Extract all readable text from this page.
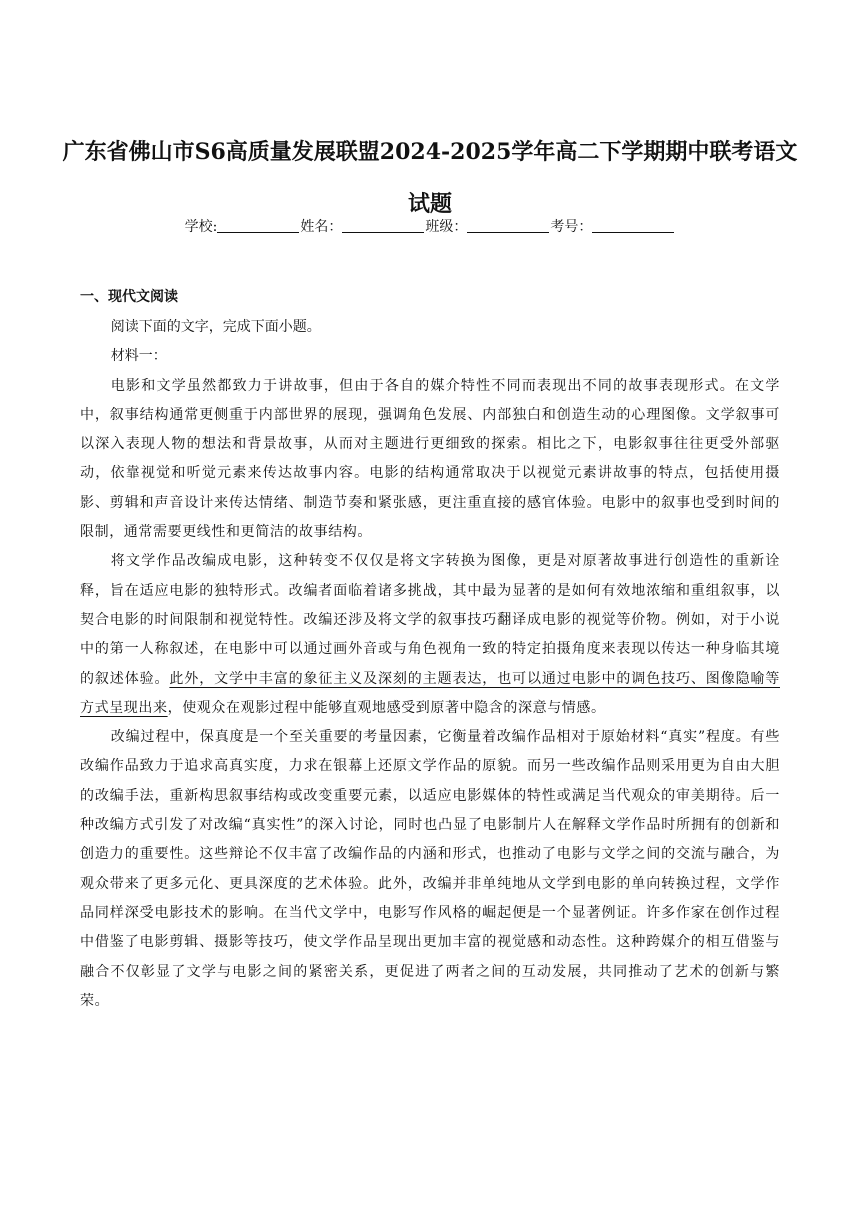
广东省佛山市S6高质量发展联盟2024-2025学年高二下学期期中联考语文试题
学校:	姓名：	班级：	考号：
一、现代文阅读

阅读下面的文字，完成下面小题。

材料一：

电影和文学虽然都致力于讲故事，但由于各自的媒介特性不同而表现出不同的故事表现形式。在文学中，叙事结构通常更侧重于内部世界的展现，强调角色发展、内部独白和创造生动的心理图像。文学叙事可以深入表现人物的想法和背景故事，从而对主题进行更细致的探索。相比之下，电影叙事往往更受外部驱动，依靠视觉和听觉元素来传达故事内容。电影的结构通常取决于以视觉元素讲故事的特点，包括使用摄影、剪辑和声音设计来传达情绪、制造节奏和紧张感，更注重直接的感官体验。电影中的叙事也受到时间的限制，通常需要更线性和更简洁的故事结构。

将文学作品改编成电影，这种转变不仅仅是将文字转换为图像，更是对原著故事进行创造性的重新诠释，旨在适应电影的独特形式。改编者面临着诸多挑战，其中最为显著的是如何有效地浓缩和重组叙事，以契合电影的时间限制和视觉特性。改编还涉及将文学的叙事技巧翻译成电影的视觉等价物。例如，对于小说中的第一人称叙述，在电影中可以通过画外音或与角色视角一致的特定拍摄角度来表现以传达一种身临其境的叙述体验。此外，文学中丰富的象征主义及深刻的主题表达，也可以通过电影中的调色技巧、图像隐喻等方式呈现出来，使观众在观影过程中能够直观地感受到原著中隐含的深意与情感。

改编过程中，保真度是一个至关重要的考量因素，它衡量着改编作品相对于原始材料“真实”程度。有些改编作品致力于追求高真实度，力求在银幕上还原文学作品的原貌。而另一些改编作品则采用更为自由大胆的改编手法，重新构思叙事结构或改变重要元素，以适应电影媒体的特性或满足当代观众的审美期待。后一种改编方式引发了对改编“真实性”的深入讨论，同时也凸显了电影制片人在解释文学作品时所拥有的创新和创造力的重要性。这些辩论不仅丰富了改编作品的内涵和形式，也推动了电影与文学之间的交流与融合，为观众带来了更多元化、更具深度的艺术体验。此外，改编并非单纯地从文学到电影的单向转换过程，文学作品同样深受电影技术的影响。在当代文学中，电影写作风格的崛起便是一个显著例证。许多作家在创作过程中借鉴了电影剪辑、摄影等技巧，使文学作品呈现出更加丰富的视觉感和动态性。这种跨媒介的相互借鉴与融合不仅彰显了文学与电影之间的紧密关系，更促进了两者之间的互动发展，共同推动了艺术的创新与繁荣。
